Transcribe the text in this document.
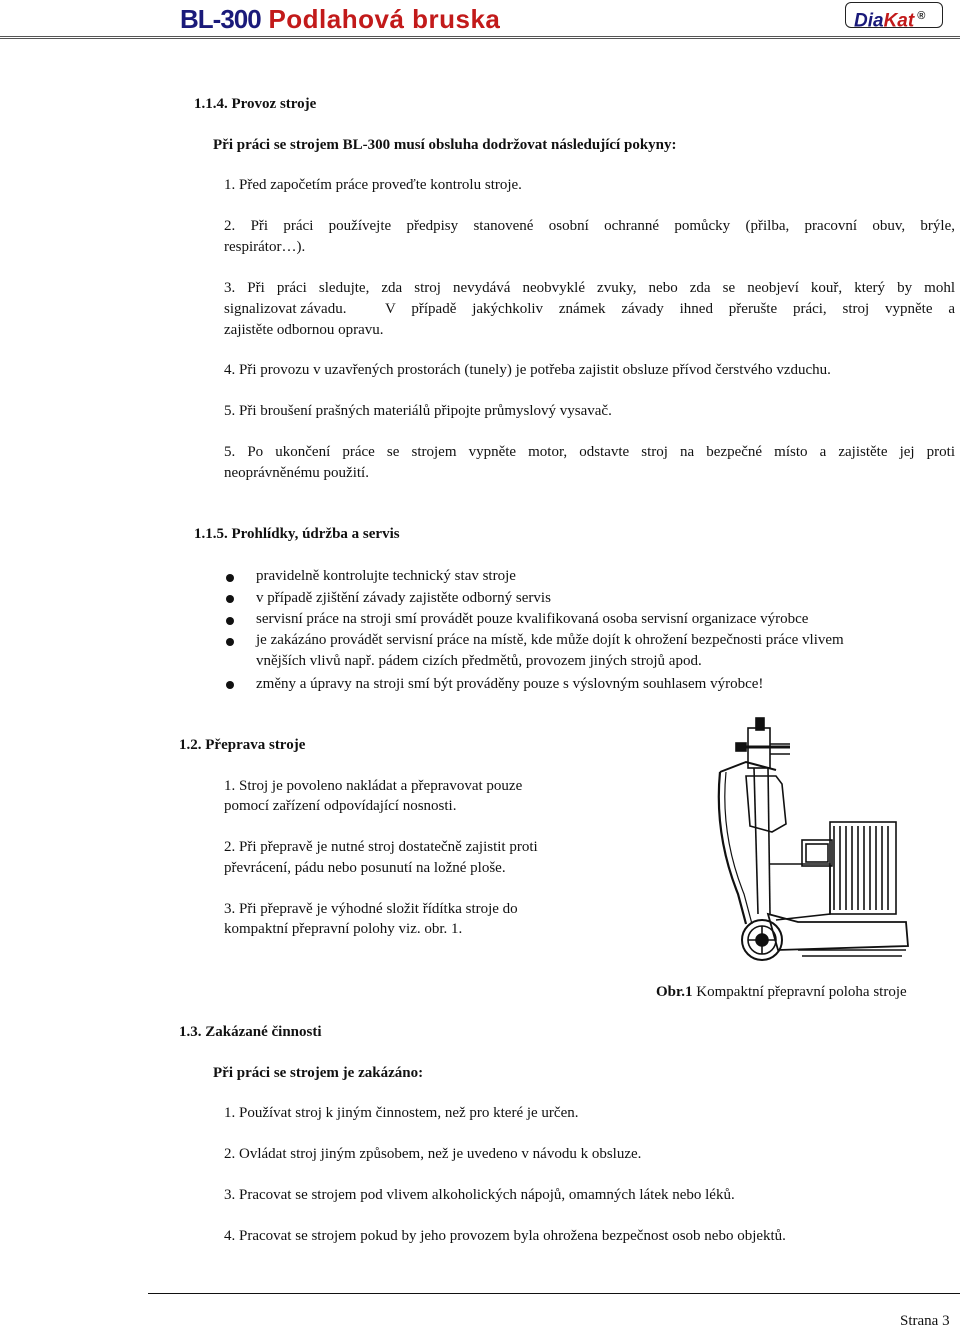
BL-300 Podlahová bruska	DiaKat ®
1.1.4. Provoz stroje
Při práci se strojem BL-300 musí obsluha dodržovat následující pokyny:
1. Před započetím práce proveďte kontrolu stroje.
2. Při práci používejte předpisy stanovené osobní ochranné pomůcky (přilba, pracovní obuv, brýle,
respirátor…).
3. Při práci sledujte, zda stroj nevydává neobvyklé zvuky, nebo zda se neobjeví kouř, který by mohl
signalizovat závadu.	V případě jakýchkoliv známek závady ihned přerušte práci, stroj vypněte a
zajistěte odbornou opravu.
4. Při provozu v uzavřených prostorách (tunely) je potřeba zajistit obsluze přívod čerstvého vzduchu.
5. Při broušení prašných materiálů připojte průmyslový vysavač.
5. Po ukončení práce se strojem vypněte motor, odstavte stroj na bezpečné místo a zajistěte jej proti
neoprávněnému použití.
1.1.5. Prohlídky, údržba a servis
pravidelně kontrolujte technický stav stroje
v případě zjištění závady zajistěte odborný servis
servisní práce na stroji smí provádět pouze kvalifikovaná osoba servisní organizace výrobce
je zakázáno provádět servisní práce na místě, kde může dojít k ohrožení bezpečnosti práce vlivem
vnějších vlivů např. pádem cizích předmětů, provozem jiných strojů apod.
změny a úpravy na stroji smí být prováděny pouze s výslovným souhlasem výrobce!
1.2. Přeprava stroje
1. Stroj je povoleno nakládat a přepravovat pouze
pomocí zařízení odpovídající nosnosti.
2. Při přepravě je nutné stroj dostatečně zajistit proti
převrácení, pádu nebo posunutí na ložné ploše.
3. Při přepravě je výhodné složit řídítka stroje do
kompaktní přepravní polohy viz. obr. 1.
Obr.1 Kompaktní přepravní poloha stroje
1.3. Zakázané činnosti
Při práci se strojem je zakázáno:
1. Používat stroj k jiným činnostem, než pro které je určen.
2. Ovládat stroj jiným způsobem, než je uvedeno v návodu k obsluze.
3. Pracovat se strojem pod vlivem alkoholických nápojů, omamných látek nebo léků.
4. Pracovat se strojem pokud by jeho provozem byla ohrožena bezpečnost osob nebo objektů.
Strana 3
